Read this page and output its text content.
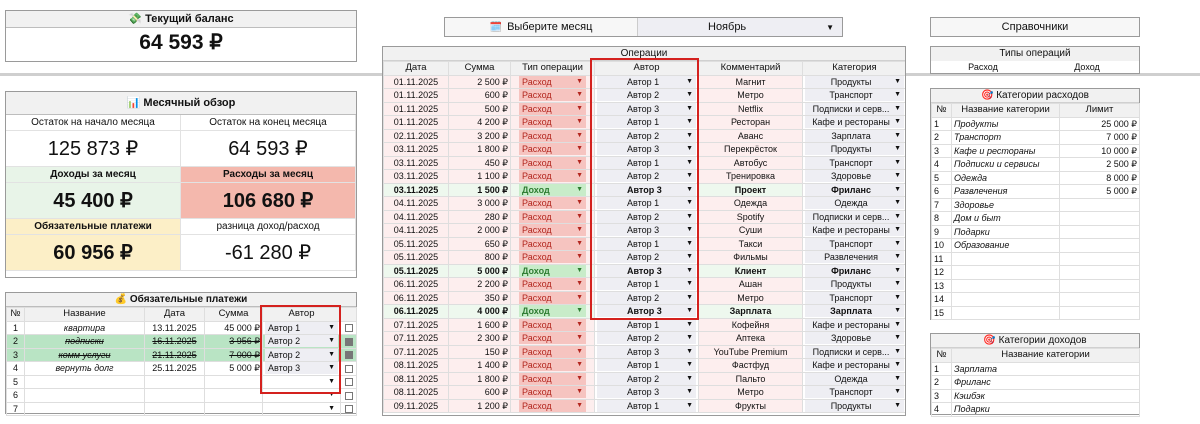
💸 Текущий баланс
64 593 ₽
📊 Месячный обзор
Остаток на начало месяца	Остаток на конец месяца
125 873 ₽	64 593 ₽
Доходы за месяц	Расходы за месяц
45 400 ₽	106 680 ₽
Обязательные платежи	разница доход/расход
60 956 ₽	-61 280 ₽
💰 Обязательные платежи
№	Название	Дата	Сумма	Автор	
1	квартира	13.11.2025	45 000 ₽	Автор 1 ▼	

2	подписки	16.11.2025	3 956 ₽	Автор 2 ▼	

3	комм услуги	21.11.2025	7 000 ₽	Автор 2 ▼	

4	вернуть долг	25.11.2025	5 000 ₽	Автор 3 ▼	

5				▼	

6				▼	

7				▼	

🗓️ Выберите месяц	Ноябрь	▼
Операции
Дата	Сумма	Тип операции	Автор	Комментарий	Категория
01.11.2025	2 500 ₽	Расход ▼	Автор 1 ▼	Магнит	Продукты ▼

01.11.2025	600 ₽	Расход ▼	Автор 2 ▼	Метро	Транспорт ▼

01.11.2025	500 ₽	Расход ▼	Автор 3 ▼	Netflix	Подписки и серв... ▼

01.11.2025	4 200 ₽	Расход ▼	Автор 1 ▼	Ресторан	Кафе и рестораны ▼

02.11.2025	3 200 ₽	Расход ▼	Автор 2 ▼	Аванс	Зарплата ▼

03.11.2025	1 800 ₽	Расход ▼	Автор 3 ▼	Перекрёсток	Продукты ▼

03.11.2025	450 ₽	Расход ▼	Автор 1 ▼	Автобус	Транспорт ▼

03.11.2025	1 100 ₽	Расход ▼	Автор 2 ▼	Тренировка	Здоровье ▼

03.11.2025	1 500 ₽	Доход ▼	Автор 3 ▼	Проект	Фриланс ▼

04.11.2025	3 000 ₽	Расход ▼	Автор 1 ▼	Одежда	Одежда ▼

04.11.2025	280 ₽	Расход ▼	Автор 2 ▼	Spotify	Подписки и серв... ▼

04.11.2025	2 000 ₽	Расход ▼	Автор 3 ▼	Суши	Кафе и рестораны ▼

05.11.2025	650 ₽	Расход ▼	Автор 1 ▼	Такси	Транспорт ▼

05.11.2025	800 ₽	Расход ▼	Автор 2 ▼	Фильмы	Развлечения ▼

05.11.2025	5 000 ₽	Доход ▼	Автор 3 ▼	Клиент	Фриланс ▼

06.11.2025	2 200 ₽	Расход ▼	Автор 1 ▼	Ашан	Продукты ▼

06.11.2025	350 ₽	Расход ▼	Автор 2 ▼	Метро	Транспорт ▼

06.11.2025	4 000 ₽	Доход ▼	Автор 3 ▼	Зарплата	Зарплата ▼

07.11.2025	1 600 ₽	Расход ▼	Автор 1 ▼	Кофейня	Кафе и рестораны ▼

07.11.2025	2 300 ₽	Расход ▼	Автор 2 ▼	Аптека	Здоровье ▼

07.11.2025	150 ₽	Расход ▼	Автор 3 ▼	YouTube Premium	Подписки и серв... ▼

08.11.2025	1 400 ₽	Расход ▼	Автор 1 ▼	Фастфуд	Кафе и рестораны ▼

08.11.2025	1 800 ₽	Расход ▼	Автор 2 ▼	Пальто	Одежда ▼

08.11.2025	600 ₽	Расход ▼	Автор 3 ▼	Метро	Транспорт ▼

09.11.2025	1 200 ₽	Расход ▼	Автор 1 ▼	Фрукты	Продукты ▼
Справочники
Типы операций
Расход	Доход
🎯 Категории расходов
№	Название категории	Лимит
1	Продукты	25 000 ₽
2	Транспорт	7 000 ₽
3	Кафе и рестораны	10 000 ₽
4	Подписки и сервисы	2 500 ₽
5	Одежда	8 000 ₽
6	Развлечения	5 000 ₽
7	Здоровье	
8	Дом и быт	
9	Подарки	
10	Образование	
11		
12		
13		
14		
15		
🎯 Категории доходов
№	Название категории
1	Зарплата
2	Фриланс
3	Кэшбэк
4	Подарки
